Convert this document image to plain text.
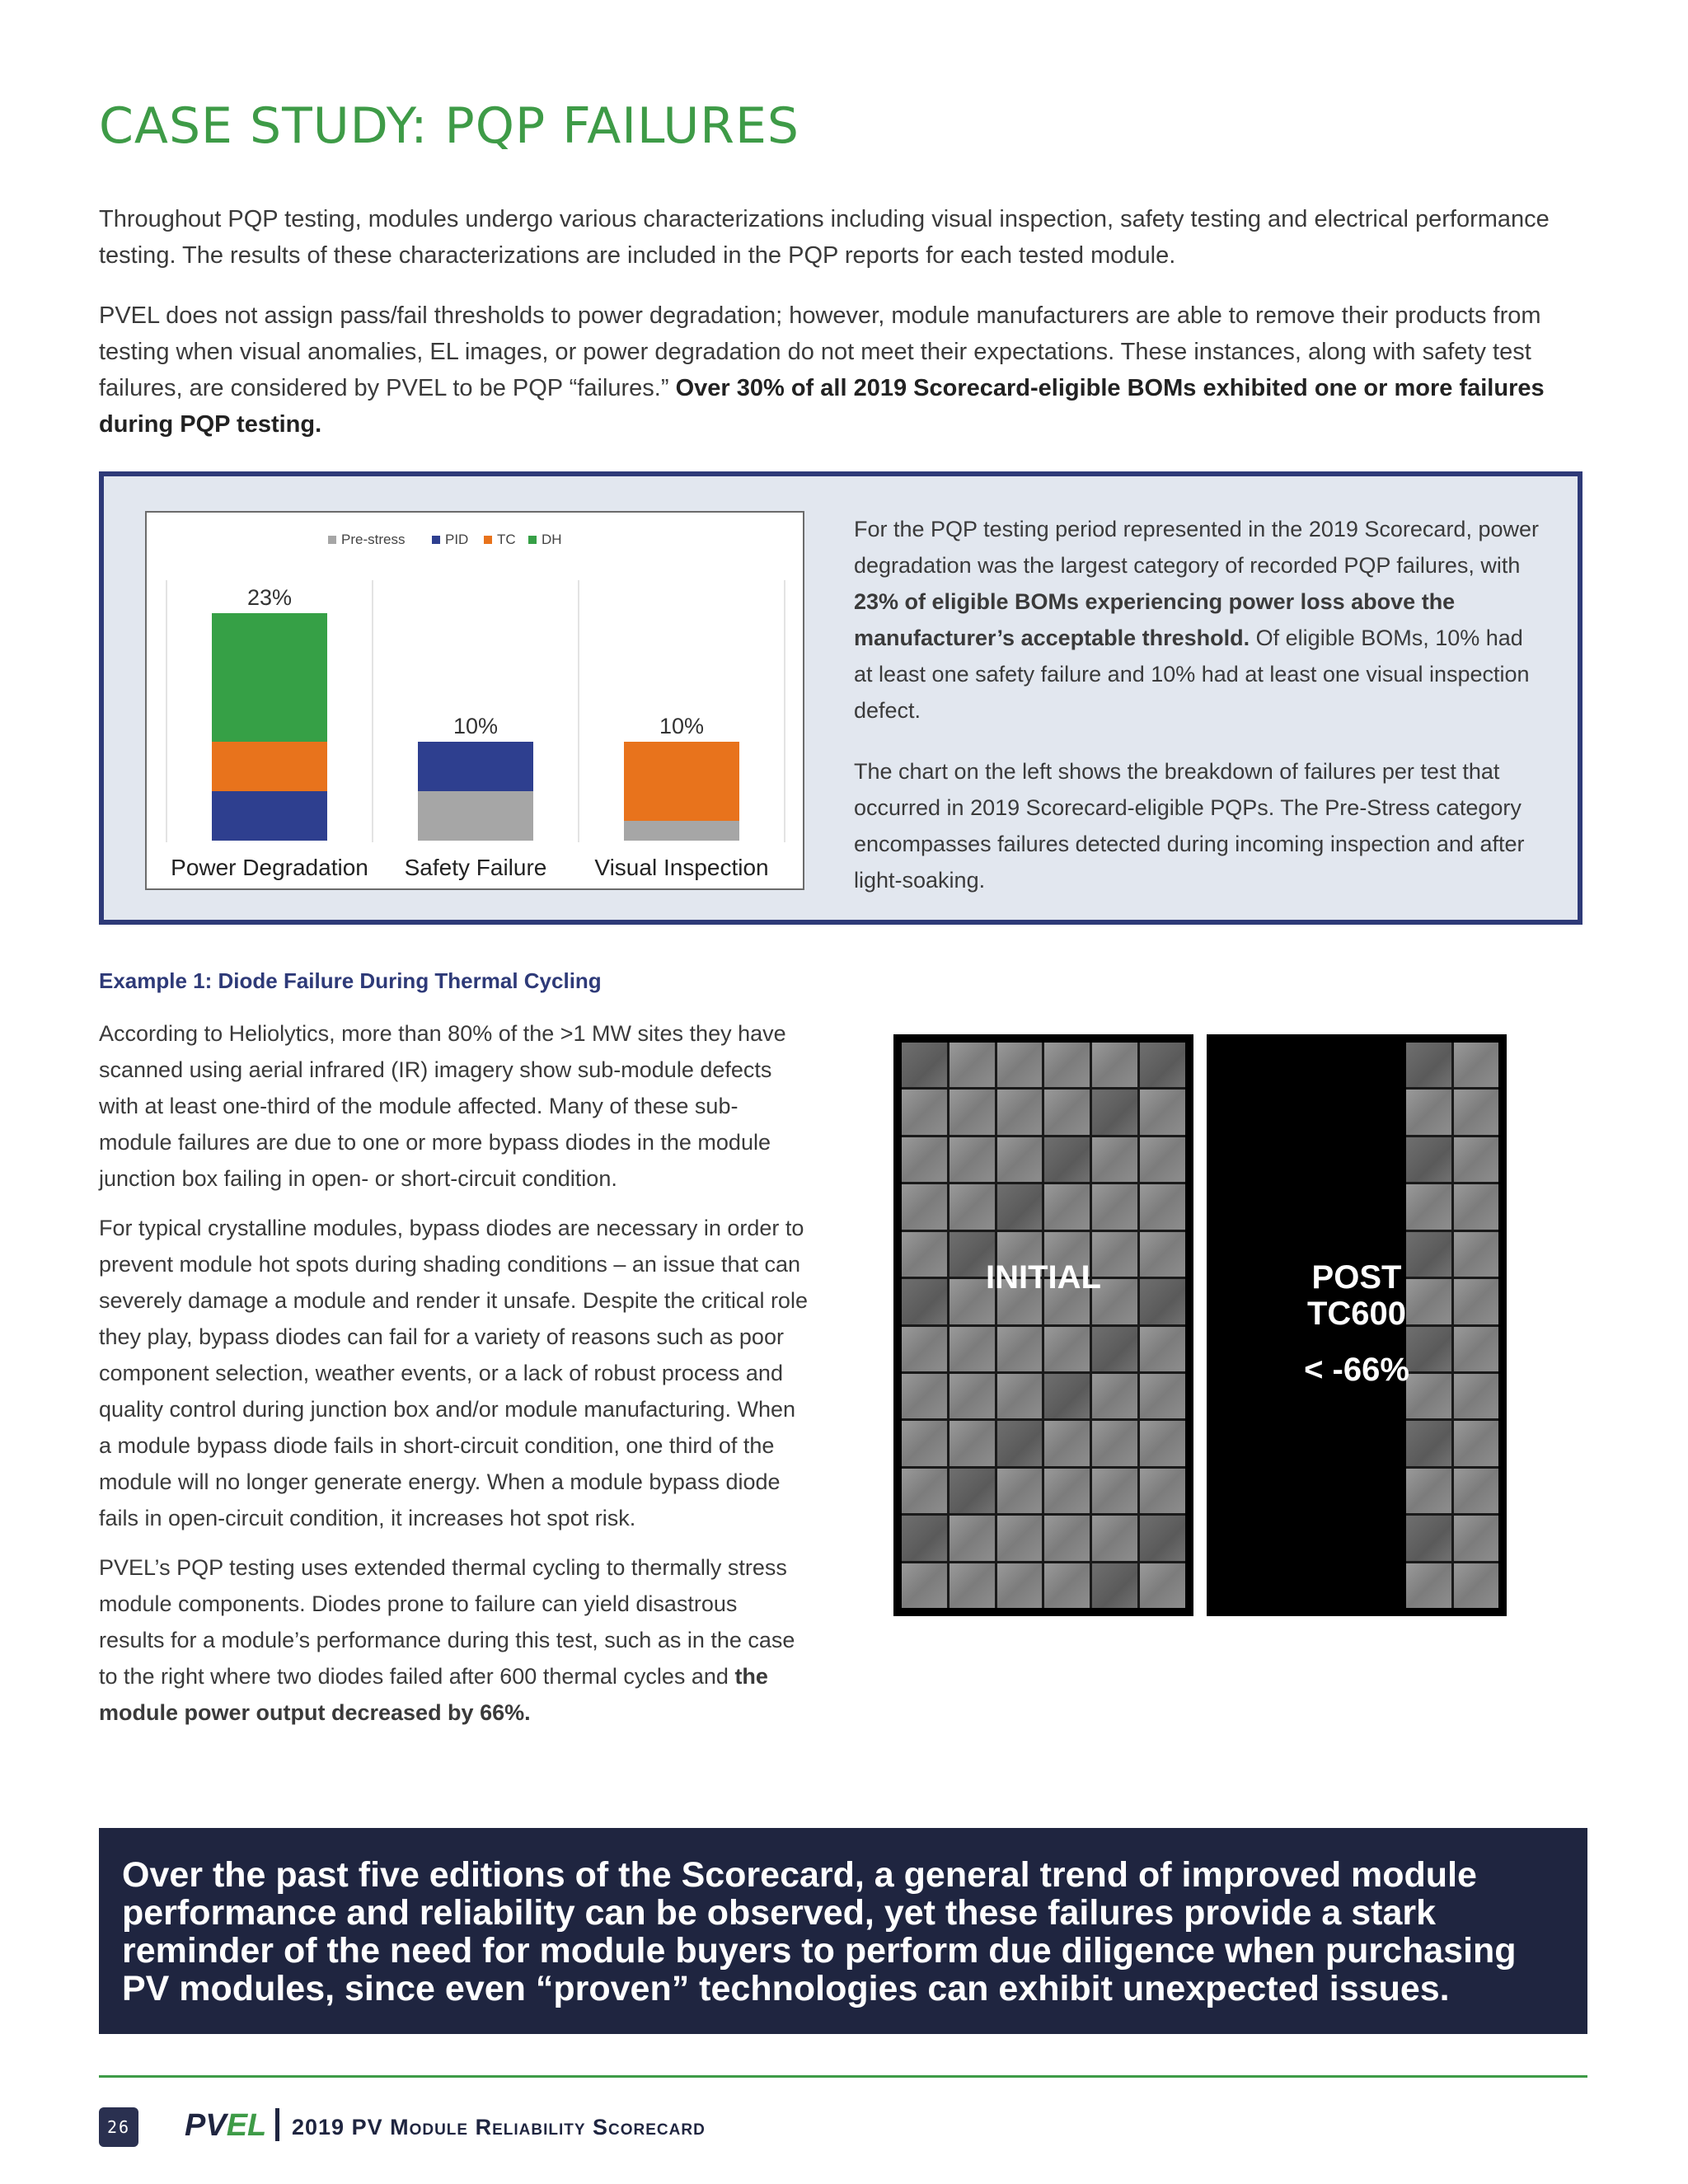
CASE STUDY: PQP FAILURES

Throughout PQP testing, modules undergo various characterizations including visual inspection, safety testing and electrical performance testing. The results of these characterizations are included in the PQP reports for each tested module.

PVEL does not assign pass/fail thresholds to power degradation; however, module manufacturers are able to remove their products from testing when visual anomalies, EL images, or power degradation do not meet their expectations. These instances, along with safety test failures, are considered by PVEL to be PQP “failures.” Over 30% of all 2019 Scorecard-eligible BOMs exhibited one or more failures during PQP testing.

Pre-stress	PID TC DH
23%
Power Degradation
10%
Safety Failure
10%
Visual Inspection

For the PQP testing period represented in the 2019 Scorecard, power degradation was the largest category of recorded PQP failures, with 23% of eligible BOMs experiencing power loss above the manufacturer’s acceptable threshold. Of eligible BOMs, 10% had at least one safety failure and 10% had at least one visual inspection defect.

The chart on the left shows the breakdown of failures per test that occurred in 2019 Scorecard-eligible PQPs. The Pre-Stress category encompasses failures detected during incoming inspection and after light-soaking.

Example 1: Diode Failure During Thermal Cycling

According to Heliolytics, more than 80% of the >1 MW sites they have scanned using aerial infrared (IR) imagery show sub-module defects with at least one-third of the module affected. Many of these sub-module failures are due to one or more bypass diodes in the module junction box failing in open- or short-circuit condition.

For typical crystalline modules, bypass diodes are necessary in order to prevent module hot spots during shading conditions – an issue that can severely damage a module and render it unsafe. Despite the critical role they play, bypass diodes can fail for a variety of reasons such as poor component selection, weather events, or a lack of robust process and quality control during junction box and/or module manufacturing. When a module bypass diode fails in short-circuit condition, one third of the module will no longer generate energy. When a module bypass diode fails in open-circuit condition, it increases hot spot risk.

PVEL’s PQP testing uses extended thermal cycling to thermally stress module components. Diodes prone to failure can yield disastrous results for a module’s performance during this test, such as in the case to the right where two diodes failed after 600 thermal cycles and the module power output decreased by 66%.

INITIAL	POST
TC600
< -66%

Over the past five editions of the Scorecard, a general trend of improved module performance and reliability can be observed, yet these failures provide a stark reminder of the need for module buyers to perform due diligence when purchasing PV modules, since even “proven” technologies can exhibit unexpected issues.

26 PVEL 2019 PV Module Reliability Scorecard
